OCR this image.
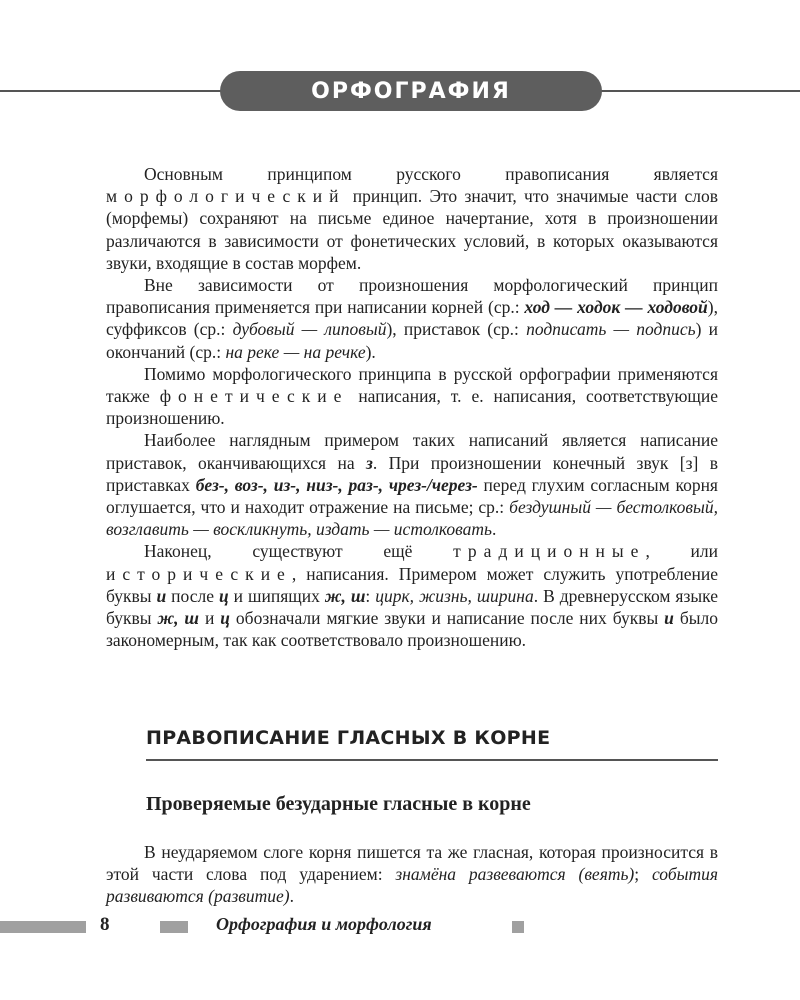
ОРФОГРАФИЯ

Основным принципом русского правописания является морфологический принцип. Это значит, что значимые части слов (морфемы) сохраняют на письме единое начертание, хотя в произношении различаются в зависимости от фонетических условий, в которых оказываются звуки, входящие в состав морфем.

Вне зависимости от произношения морфологический принцип правописания применяется при написании корней (ср.: ход — ходок — ходовой), суффиксов (ср.: дубовый — липовый), приставок (ср.: подписать — подпись) и окончаний (ср.: на реке — на речке).

Помимо морфологического принципа в русской орфографии применяются также фонетические написания, т. е. написания, соответствующие произношению.

Наиболее наглядным примером таких написаний является написание приставок, оканчивающихся на з. При произношении конечный звук [з] в приставках без-, воз-, из-, низ-, раз-, чрез-/через- перед глухим согласным корня оглушается, что и находит отражение на письме; ср.: бездушный — бестолковый, возглавить — воскликнуть, издать — истолковать.

Наконец, существуют ещё традиционные, или исторические, написания. Примером может служить употребление буквы и после ц и шипящих ж, ш: цирк, жизнь, ширина. В древнерусском языке буквы ж, ш и ц обозначали мягкие звуки и написание после них буквы и было закономерным, так как соответствовало произношению.

ПРАВОПИСАНИЕ ГЛАСНЫХ В КОРНЕ
Проверяемые безударные гласные в корне

В неударяемом слоге корня пишется та же гласная, которая произносится в этой части слова под ударением: знамёна развеваются (веять); события развиваются (развитие).

8	Орфография и морфология
